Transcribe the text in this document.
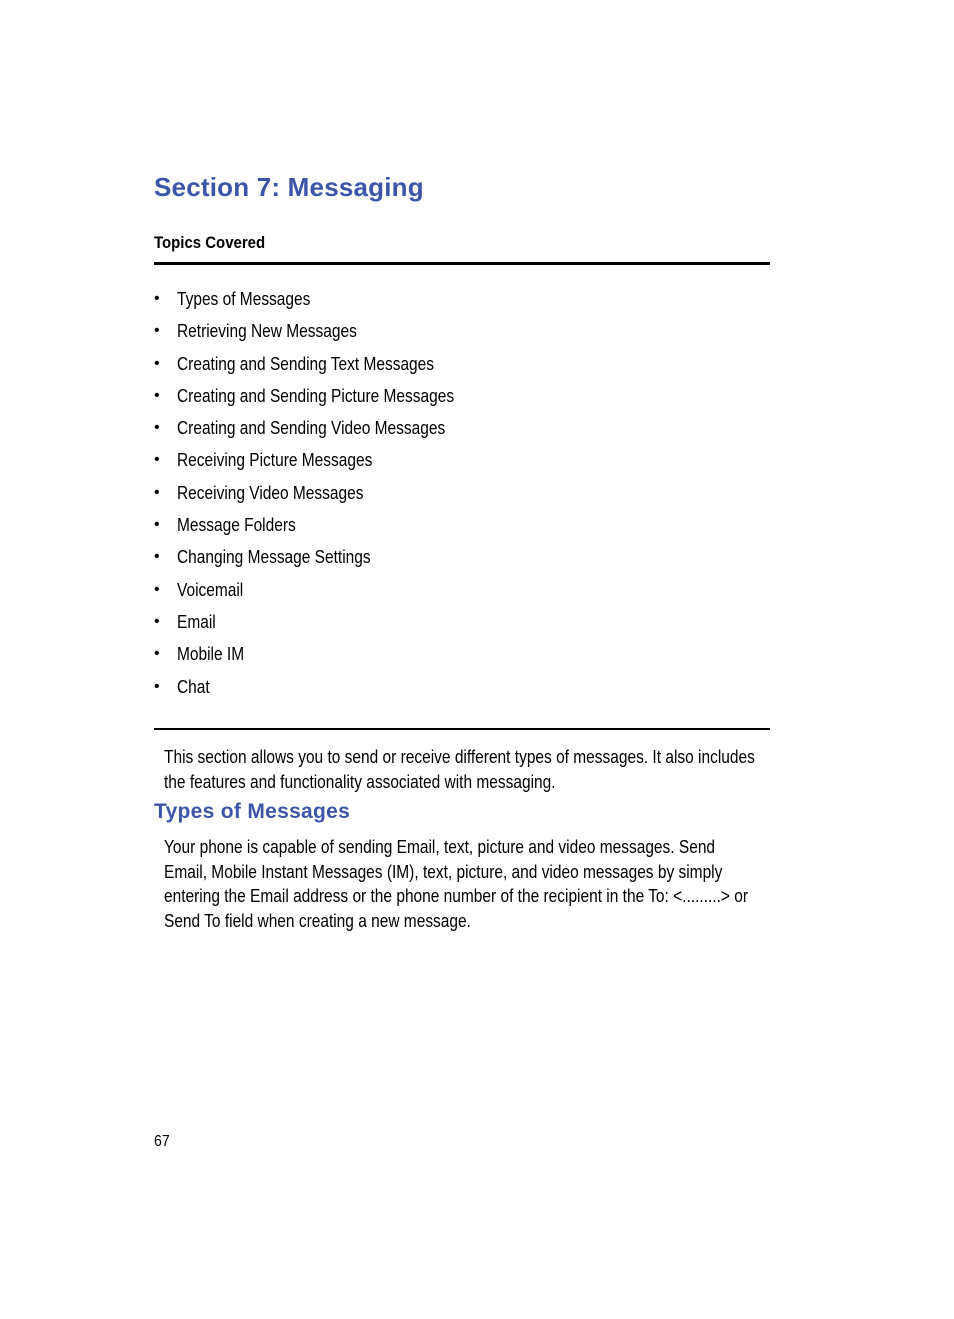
Section 7: Messaging
Topics Covered
• Types of Messages
• Retrieving New Messages
• Creating and Sending Text Messages
• Creating and Sending Picture Messages
• Creating and Sending Video Messages
• Receiving Picture Messages
• Receiving Video Messages
• Message Folders
• Changing Message Settings
• Voicemail
• Email
• Mobile IM
• Chat

This section allows you to send or receive different types of messages. It also includes the features and functionality associated with messaging.

Types of Messages

Your phone is capable of sending Email, text, picture and video messages. Send Email, Mobile Instant Messages (IM), text, picture, and video messages by simply entering the Email address or the phone number of the recipient in the To: <.........> or Send To field when creating a new message.

67
